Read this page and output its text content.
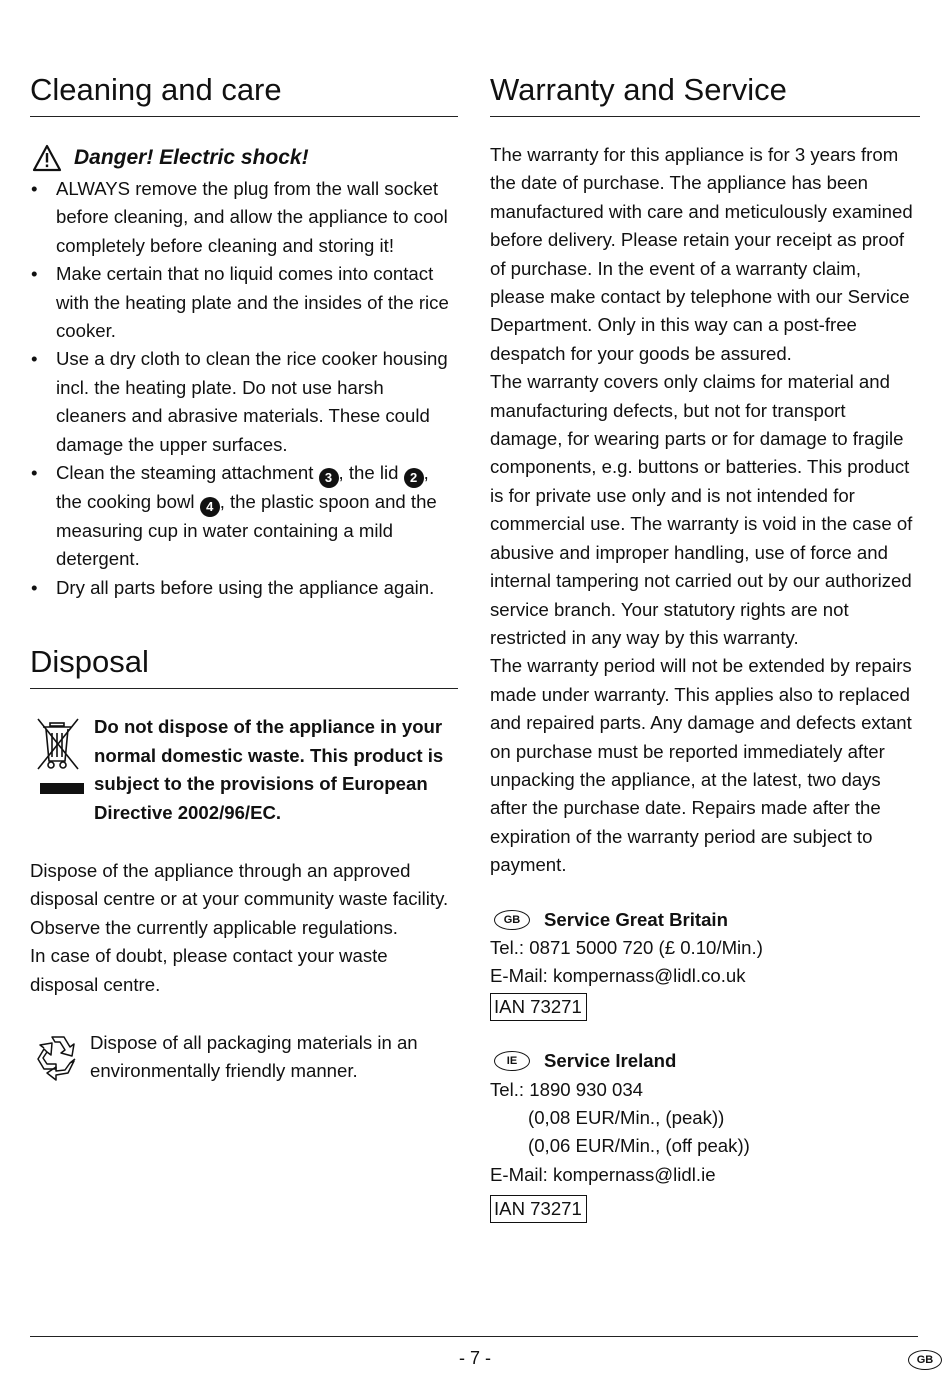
Cleaning and care
Danger! Electric shock!
• ALWAYS remove the plug from the wall socket before cleaning, and allow the appliance to cool completely before cleaning and storing it!
• Make certain that no liquid comes into contact with the heating plate and the insides of the rice cooker.
• Use a dry cloth to clean the rice cooker housing incl. the heating plate. Do not use harsh cleaners and abrasive materials. These could damage the upper surfaces.
• Clean the steaming attachment 3 , the lid 2 , the cooking bowl 4 , the plastic spoon and the measuring cup in water containing a mild detergent.
• Dry all parts before using the appliance again.
Disposal
Do not dispose of the appliance in your normal domestic waste. This product is subject to the provisions of European Directive 2002/96/EC.
Dispose of the appliance through an approved disposal centre or at your community waste facility.
Observe the currently applicable regulations.
In case of doubt, please contact your waste disposal centre.
Dispose of all packaging materials in an environmentally friendly manner.
Warranty and Service
The warranty for this appliance is for 3 years from the date of purchase. The appliance has been manufactured with care and meticulously examined before delivery. Please retain your receipt as proof of purchase. In the event of a warranty claim, please make contact by telephone with our Service Department. Only in this way can a post-free despatch for your goods be assured.
The warranty covers only claims for material and manufacturing defects, but not for transport damage, for wearing parts or for damage to fragile components, e.g. buttons or batteries. This product is for private use only and is not intended for commercial use. The warranty is void in the case of abusive and improper handling, use of force and internal tampering not carried out by our authorized service branch. Your statutory rights are not restricted in any way by this warranty.
The warranty period will not be extended by repairs made under warranty. This applies also to replaced and repaired parts. Any damage and defects extant on purchase must be reported immediately after unpacking the appliance, at the latest, two days after the purchase date. Repairs made after the expiration of the warranty period are subject to payment.
GB	Service Great Britain
Tel.: 0871 5000 720 (£ 0.10/Min.)
E-Mail: kompernass@lidl.co.uk
IAN 73271
IE	Service Ireland
Tel.: 1890 930 034
(0,08 EUR/Min., (peak))
(0,06 EUR/Min., (off peak))
E-Mail: kompernass@lidl.ie
IAN 73271
- 7 -	GB
